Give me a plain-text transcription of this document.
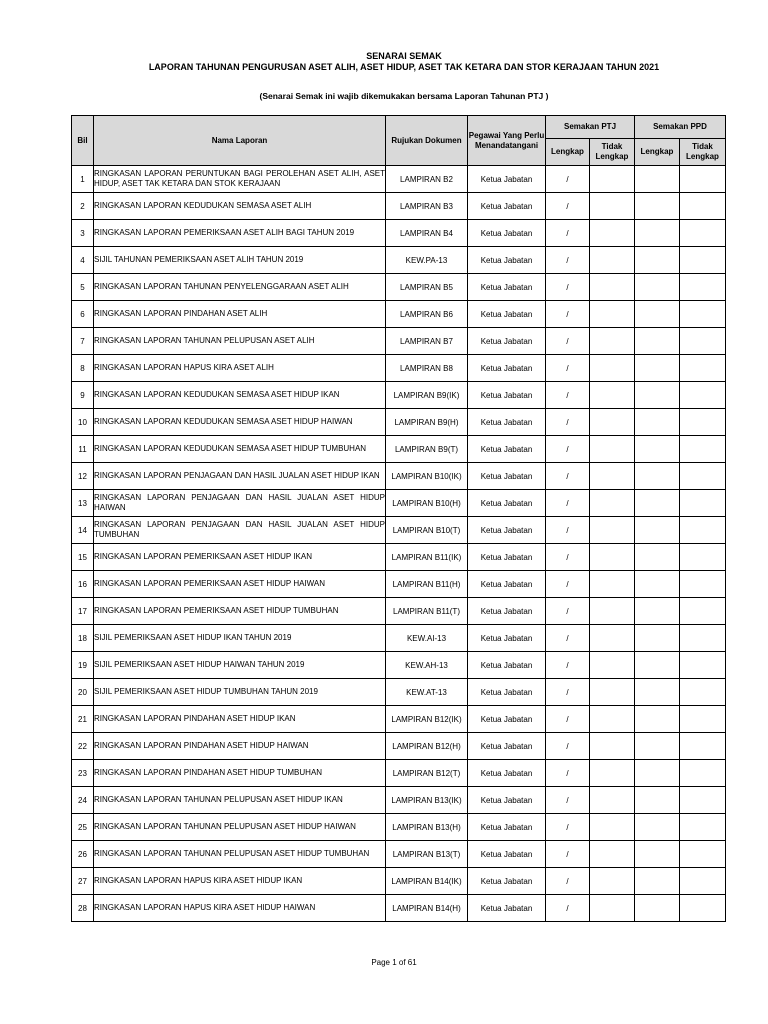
SENARAI SEMAK
LAPORAN TAHUNAN PENGURUSAN ASET ALIH, ASET HIDUP, ASET TAK KETARA DAN STOR KERAJAAN TAHUN 2021
(Senarai Semak ini wajib dikemukakan bersama Laporan Tahunan PTJ )
Bil	Nama Laporan	Rujukan Dokumen	Pegawai Yang Perlu Menandatangani	Semakan PTJ		Semakan PPD	
				Lengkap	Tidak Lengkap	Lengkap	Tidak Lengkap
1	RINGKASAN LAPORAN PERUNTUKAN BAGI PEROLEHAN ASET ALIH, ASET HIDUP, ASET TAK KETARA DAN STOK KERAJAAN	LAMPIRAN B2	Ketua Jabatan	/			
2	RINGKASAN LAPORAN KEDUDUKAN SEMASA ASET ALIH	LAMPIRAN B3	Ketua Jabatan	/			
3	RINGKASAN LAPORAN PEMERIKSAAN ASET ALIH BAGI TAHUN 2019	LAMPIRAN B4	Ketua Jabatan	/			
4	SIJIL TAHUNAN PEMERIKSAAN ASET ALIH TAHUN 2019	KEW.PA-13	Ketua Jabatan	/			
5	RINGKASAN LAPORAN TAHUNAN PENYELENGGARAAN ASET ALIH	LAMPIRAN B5	Ketua Jabatan	/			
6	RINGKASAN LAPORAN PINDAHAN ASET ALIH	LAMPIRAN B6	Ketua Jabatan	/			
7	RINGKASAN LAPORAN TAHUNAN PELUPUSAN ASET ALIH	LAMPIRAN B7	Ketua Jabatan	/			
8	RINGKASAN LAPORAN HAPUS KIRA ASET ALIH	LAMPIRAN B8	Ketua Jabatan	/			
9	RINGKASAN LAPORAN KEDUDUKAN SEMASA ASET HIDUP IKAN	LAMPIRAN B9(IK)	Ketua Jabatan	/			
10	RINGKASAN LAPORAN KEDUDUKAN SEMASA ASET HIDUP HAIWAN	LAMPIRAN B9(H)	Ketua Jabatan	/			
11	RINGKASAN LAPORAN KEDUDUKAN SEMASA ASET HIDUP TUMBUHAN	LAMPIRAN B9(T)	Ketua Jabatan	/			
12	RINGKASAN LAPORAN PENJAGAAN DAN HASIL JUALAN ASET HIDUP IKAN	LAMPIRAN B10(IK)	Ketua Jabatan	/			
13	RINGKASAN LAPORAN PENJAGAAN DAN HASIL JUALAN ASET HIDUP HAIWAN	LAMPIRAN B10(H)	Ketua Jabatan	/			
14	RINGKASAN LAPORAN PENJAGAAN DAN HASIL JUALAN ASET HIDUP TUMBUHAN	LAMPIRAN B10(T)	Ketua Jabatan	/			
15	RINGKASAN LAPORAN PEMERIKSAAN ASET HIDUP IKAN	LAMPIRAN B11(IK)	Ketua Jabatan	/			
16	RINGKASAN LAPORAN PEMERIKSAAN ASET HIDUP HAIWAN	LAMPIRAN B11(H)	Ketua Jabatan	/			
17	RINGKASAN LAPORAN PEMERIKSAAN ASET HIDUP TUMBUHAN	LAMPIRAN B11(T)	Ketua Jabatan	/			
18	SIJIL PEMERIKSAAN ASET HIDUP IKAN TAHUN 2019	KEW.AI-13	Ketua Jabatan	/			
19	SIJIL PEMERIKSAAN ASET HIDUP HAIWAN TAHUN 2019	KEW.AH-13	Ketua Jabatan	/			
20	SIJIL PEMERIKSAAN ASET HIDUP TUMBUHAN TAHUN 2019	KEW.AT-13	Ketua Jabatan	/			
21	RINGKASAN LAPORAN PINDAHAN ASET HIDUP IKAN	LAMPIRAN B12(IK)	Ketua Jabatan	/			
22	RINGKASAN LAPORAN PINDAHAN ASET HIDUP HAIWAN	LAMPIRAN B12(H)	Ketua Jabatan	/			
23	RINGKASAN LAPORAN PINDAHAN ASET HIDUP TUMBUHAN	LAMPIRAN B12(T)	Ketua Jabatan	/			
24	RINGKASAN LAPORAN TAHUNAN PELUPUSAN ASET HIDUP IKAN	LAMPIRAN B13(IK)	Ketua Jabatan	/			
25	RINGKASAN LAPORAN TAHUNAN PELUPUSAN ASET HIDUP HAIWAN	LAMPIRAN B13(H)	Ketua Jabatan	/			
26	RINGKASAN LAPORAN TAHUNAN PELUPUSAN ASET HIDUP TUMBUHAN	LAMPIRAN B13(T)	Ketua Jabatan	/			
27	RINGKASAN LAPORAN HAPUS KIRA ASET HIDUP IKAN	LAMPIRAN B14(IK)	Ketua Jabatan	/			
28	RINGKASAN LAPORAN HAPUS KIRA ASET HIDUP HAIWAN	LAMPIRAN B14(H)	Ketua Jabatan	/			
Page 1 of 61
